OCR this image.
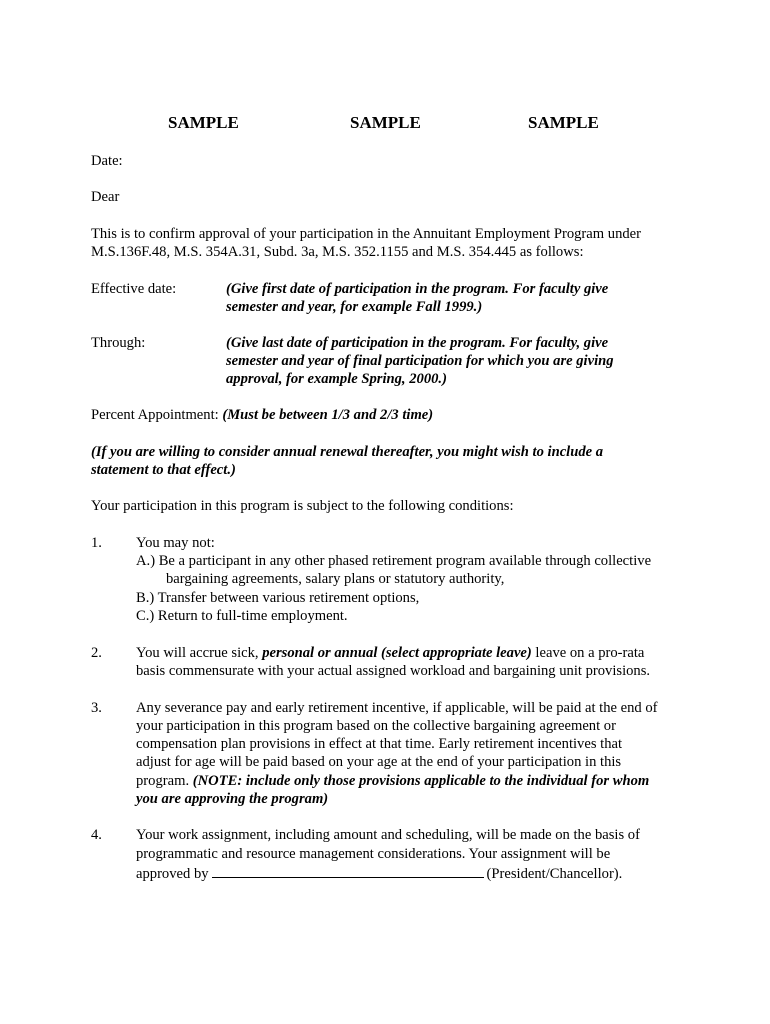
SAMPLE	SAMPLE	SAMPLE
Date:
Dear
This is to confirm approval of your participation in the Annuitant Employment Program under
M.S.136F.48, M.S. 354A.31, Subd. 3a, M.S. 352.1155 and M.S. 354.445 as follows:
Effective date:	(Give first date of participation in the program. For faculty give
semester and year, for example Fall 1999.)
Through:	(Give last date of participation in the program. For faculty, give
semester and year of final participation for which you are giving
approval, for example Spring, 2000.)
Percent Appointment: (Must be between 1/3 and 2/3 time)
(If you are willing to consider annual renewal thereafter, you might wish to include a
statement to that effect.)
Your participation in this program is subject to the following conditions:
1. You may not:
A.) Be a participant in any other phased retirement program available through collective
bargaining agreements, salary plans or statutory authority,
B.) Transfer between various retirement options,
C.) Return to full-time employment.
2. You will accrue sick, personal or annual (select appropriate leave) leave on a pro-rata
basis commensurate with your actual assigned workload and bargaining unit provisions.
3. Any severance pay and early retirement incentive, if applicable, will be paid at the end of
your participation in this program based on the collective bargaining agreement or
compensation plan provisions in effect at that time. Early retirement incentives that
adjust for age will be paid based on your age at the end of your participation in this
program. (NOTE: include only those provisions applicable to the individual for whom
you are approving the program)
4. Your work assignment, including amount and scheduling, will be made on the basis of
programmatic and resource management considerations. Your assignment will be
approved by	(President/Chancellor).
